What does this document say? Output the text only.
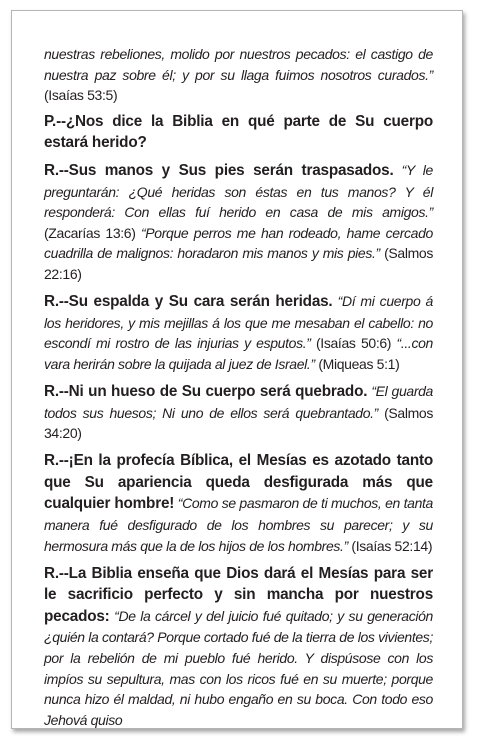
nuestras rebeliones, molido por nuestros pecados: el castigo de nuestra paz sobre él; y por su llaga fuimos nosotros curados.” (Isaías 53:5)

P.--¿Nos dice la Biblia en qué parte de Su cuerpo estará herido?

R.--Sus manos y Sus pies serán traspasados. “Y le preguntarán: ¿Qué heridas son éstas en tus manos? Y él responderá: Con ellas fuí herido en casa de mis amigos.” (Zacarías 13:6) “Porque perros me han rodeado, hame cercado cuadrilla de malignos: horadaron mis manos y mis pies.” (Salmos 22:16)

R.--Su espalda y Su cara serán heridas. “Dí mi cuerpo á los heridores, y mis mejillas á los que me mesaban el cabello: no escondí mi rostro de las injurias y esputos.” (Isaías 50:6) “...con vara herirán sobre la quijada al juez de Israel.” (Miqueas 5:1)

R.--Ni un hueso de Su cuerpo será quebrado. “El guarda todos sus huesos; Ni uno de ellos será quebrantado.” (Salmos 34:20)

R.--¡En la profecía Bíblica, el Mesías es azotado tanto que Su apariencia queda desfigurada más que cualquier hombre! “Como se pasmaron de ti muchos, en tanta manera fué desfigurado de los hombres su parecer; y su hermosura más que la de los hijos de los hombres.” (Isaías 52:14)

R.--La Biblia enseña que Dios dará el Mesías para ser le sacrificio perfecto y sin mancha por nuestros pecados: “De la cárcel y del juicio fué quitado; y su generación ¿quién la contará? Porque cortado fué de la tierra de los vivientes; por la rebelión de mi pueblo fué herido. Y dispúsose con los impíos su sepultura, mas con los ricos fué en su muerte; porque nunca hizo él maldad, ni hubo engaño en su boca. Con todo eso Jehová quiso
